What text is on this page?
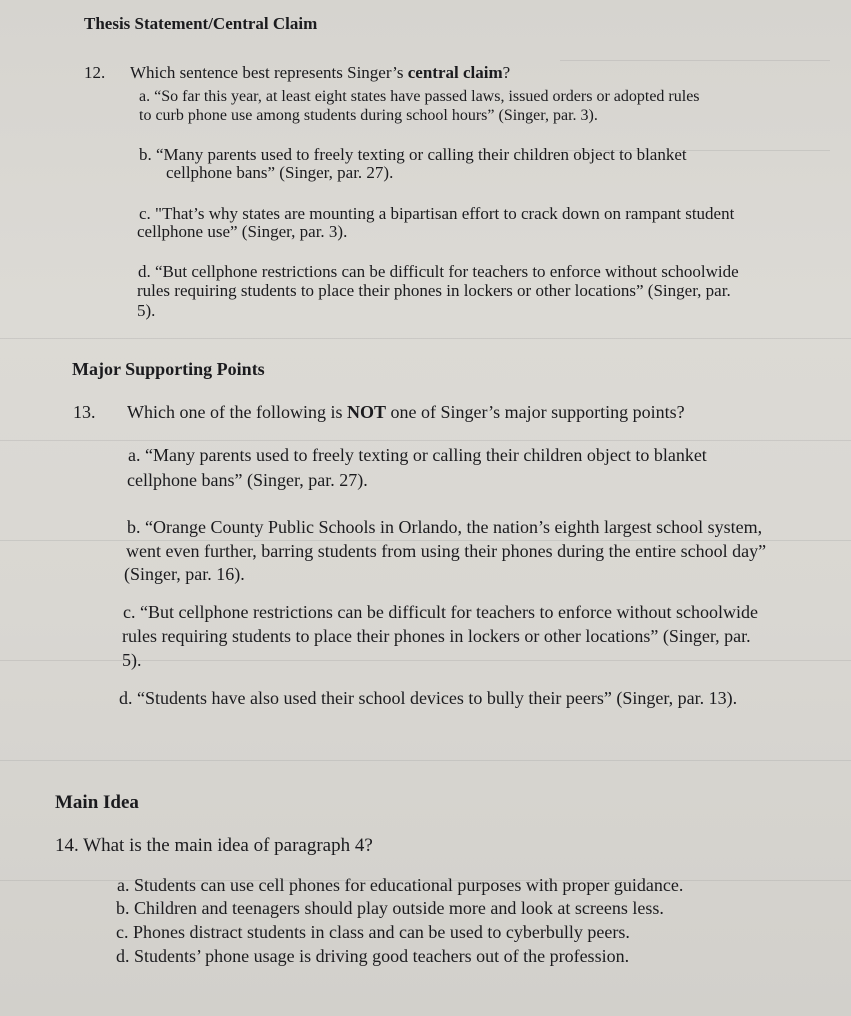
Thesis Statement/Central Claim
12. Which sentence best represents Singer’s central claim?
a. “So far this year, at least eight states have passed laws, issued orders or adopted rules
to curb phone use among students during school hours” (Singer, par. 3).
b. “Many parents used to freely texting or calling their children object to blanket
cellphone bans” (Singer, par. 27).
c. "That’s why states are mounting a bipartisan effort to crack down on rampant student
cellphone use” (Singer, par. 3).
d. “But cellphone restrictions can be difficult for teachers to enforce without schoolwide
rules requiring students to place their phones in lockers or other locations” (Singer, par.
5).
Major Supporting Points
13. Which one of the following is NOT one of Singer’s major supporting points?
a. “Many parents used to freely texting or calling their children object to blanket
cellphone bans” (Singer, par. 27).
b. “Orange County Public Schools in Orlando, the nation’s eighth largest school system,
went even further, barring students from using their phones during the entire school day”
(Singer, par. 16).
c. “But cellphone restrictions can be difficult for teachers to enforce without schoolwide
rules requiring students to place their phones in lockers or other locations” (Singer, par.
5).
d. “Students have also used their school devices to bully their peers” (Singer, par. 13).
Main Idea
14. What is the main idea of paragraph 4?
a. Students can use cell phones for educational purposes with proper guidance.
b. Children and teenagers should play outside more and look at screens less.
c. Phones distract students in class and can be used to cyberbully peers.
d. Students’ phone usage is driving good teachers out of the profession.
